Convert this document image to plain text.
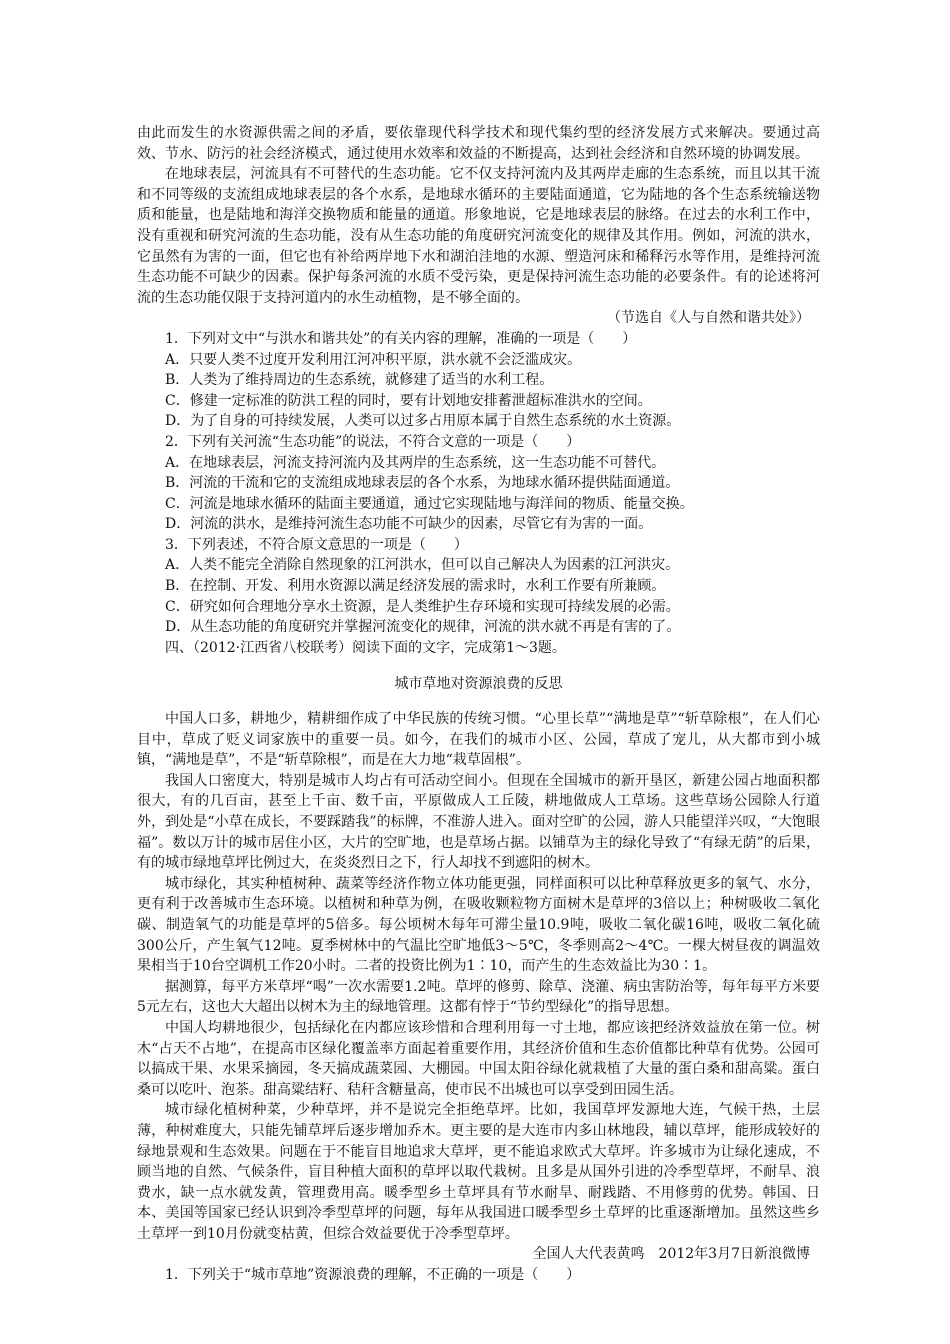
由此而发生的水资源供需之间的矛盾，要依靠现代科学技术和现代集约型的经济发展方式来解决。要通过高效、节水、防污的社会经济模式，通过使用水效率和效益的不断提高，达到社会经济和自然环境的协调发展。

在地球表层，河流具有不可替代的生态功能。它不仅支持河流内及其两岸走廊的生态系统，而且以其干流和不同等级的支流组成地球表层的各个水系，是地球水循环的主要陆面通道，它为陆地的各个生态系统输送物质和能量，也是陆地和海洋交换物质和能量的通道。形象地说，它是地球表层的脉络。在过去的水利工作中，没有重视和研究河流的生态功能，没有从生态功能的角度研究河流变化的规律及其作用。例如，河流的洪水，它虽然有为害的一面，但它也有补给两岸地下水和湖泊洼地的水源、塑造河床和稀释污水等作用，是维持河流生态功能不可缺少的因素。保护每条河流的水质不受污染，更是保持河流生态功能的必要条件。有的论述将河流的生态功能仅限于支持河道内的水生动植物，是不够全面的。

（节选自《人与自然和谐共处》）

1．下列对文中“与洪水和谐共处”的有关内容的理解，准确的一项是（　　）

A．只要人类不过度开发利用江河冲积平原，洪水就不会泛滥成灾。

B．人类为了维持周边的生态系统，就修建了适当的水利工程。

C．修建一定标准的防洪工程的同时，要有计划地安排蓄泄超标准洪水的空间。

D．为了自身的可持续发展，人类可以过多占用原本属于自然生态系统的水土资源。

2．下列有关河流“生态功能”的说法，不符合文意的一项是（　　）

A．在地球表层，河流支持河流内及其两岸的生态系统，这一生态功能不可替代。

B．河流的干流和它的支流组成地球表层的各个水系，为地球水循环提供陆面通道。

C．河流是地球水循环的陆面主要通道，通过它实现陆地与海洋间的物质、能量交换。

D．河流的洪水，是维持河流生态功能不可缺少的因素，尽管它有为害的一面。

3．下列表述，不符合原文意思的一项是（　　）

A．人类不能完全消除自然现象的江河洪水，但可以自己解决人为因素的江河洪灾。

B．在控制、开发、利用水资源以满足经济发展的需求时，水利工作要有所兼顾。

C．研究如何合理地分享水土资源，是人类维护生存环境和实现可持续发展的必需。

D．从生态功能的角度研究并掌握河流变化的规律，河流的洪水就不再是有害的了。

四、（2012·江西省八校联考）阅读下面的文字，完成第1～3题。

城市草地对资源浪费的反思

中国人口多，耕地少，精耕细作成了中华民族的传统习惯。“心里长草”“满地是草”“斩草除根”，在人们心目中，草成了贬义词家族中的重要一员。如今，在我们的城市小区、公园，草成了宠儿，从大都市到小城镇，“满地是草”，不是“斩草除根”，而是在大力地“栽草固根”。

我国人口密度大，特别是城市人均占有可活动空间小。但现在全国城市的新开垦区，新建公园占地面积都很大，有的几百亩，甚至上千亩、数千亩，平原做成人工丘陵，耕地做成人工草场。这些草场公园除人行道外，到处是“小草在成长，不要踩踏我”的标牌，不准游人进入。面对空旷的公园，游人只能望洋兴叹，“大饱眼福”。数以万计的城市居住小区，大片的空旷地，也是草场占据。以铺草为主的绿化导致了“有绿无荫”的后果，有的城市绿地草坪比例过大，在炎炎烈日之下，行人却找不到遮阳的树木。

城市绿化，其实种植树种、蔬菜等经济作物立体功能更强，同样面积可以比种草释放更多的氧气、水分，更有利于改善城市生态环境。以植树和种草为例，在吸收颗粒物方面树木是草坪的3倍以上；种树吸收二氧化碳、制造氧气的功能是草坪的5倍多。每公顷树木每年可滞尘量10.9吨，吸收二氧化碳16吨，吸收二氧化硫300公斤，产生氧气12吨。夏季树林中的气温比空旷地低3～5℃，冬季则高2～4℃。一棵大树昼夜的调温效果相当于10台空调机工作20小时。二者的投资比例为1∶10，而产生的生态效益比为30∶1。

据测算，每平方米草坪“喝”一次水需要1.2吨。草坪的修剪、除草、浇灌、病虫害防治等，每年每平方米要5元左右，这也大大超出以树木为主的绿地管理。这都有悖于“节约型绿化”的指导思想。

中国人均耕地很少，包括绿化在内都应该珍惜和合理利用每一寸土地，都应该把经济效益放在第一位。树木“占天不占地”，在提高市区绿化覆盖率方面起着重要作用，其经济价值和生态价值都比种草有优势。公园可以搞成干果、水果采摘园，冬天搞成蔬菜园、大棚园。中国太阳谷绿化就栽植了大量的蛋白桑和甜高粱。蛋白桑可以吃叶、泡茶。甜高粱结籽、秸秆含糖量高，使市民不出城也可以享受到田园生活。

城市绿化植树种菜，少种草坪，并不是说完全拒绝草坪。比如，我国草坪发源地大连，气候干热，土层薄，种树难度大，只能先铺草坪后逐步增加乔木。更主要的是大连市内多山林地段，辅以草坪，能形成较好的绿地景观和生态效果。问题在于不能盲目地追求大草坪，更不能追求欧式大草坪。许多城市为让绿化速成，不顾当地的自然、气候条件，盲目种植大面积的草坪以取代栽树。且多是从国外引进的冷季型草坪，不耐旱、浪费水，缺一点水就发黄，管理费用高。暖季型乡土草坪具有节水耐旱、耐践踏、不用修剪的优势。韩国、日本、美国等国家已经认识到冷季型草坪的问题，每年从我国进口暖季型乡土草坪的比重逐渐增加。虽然这些乡土草坪一到10月份就变枯黄，但综合效益要优于冷季型草坪。

全国人大代表黄鸣　2012年3月7日新浪微博

1．下列关于“城市草地”资源浪费的理解，不正确的一项是（　　）
